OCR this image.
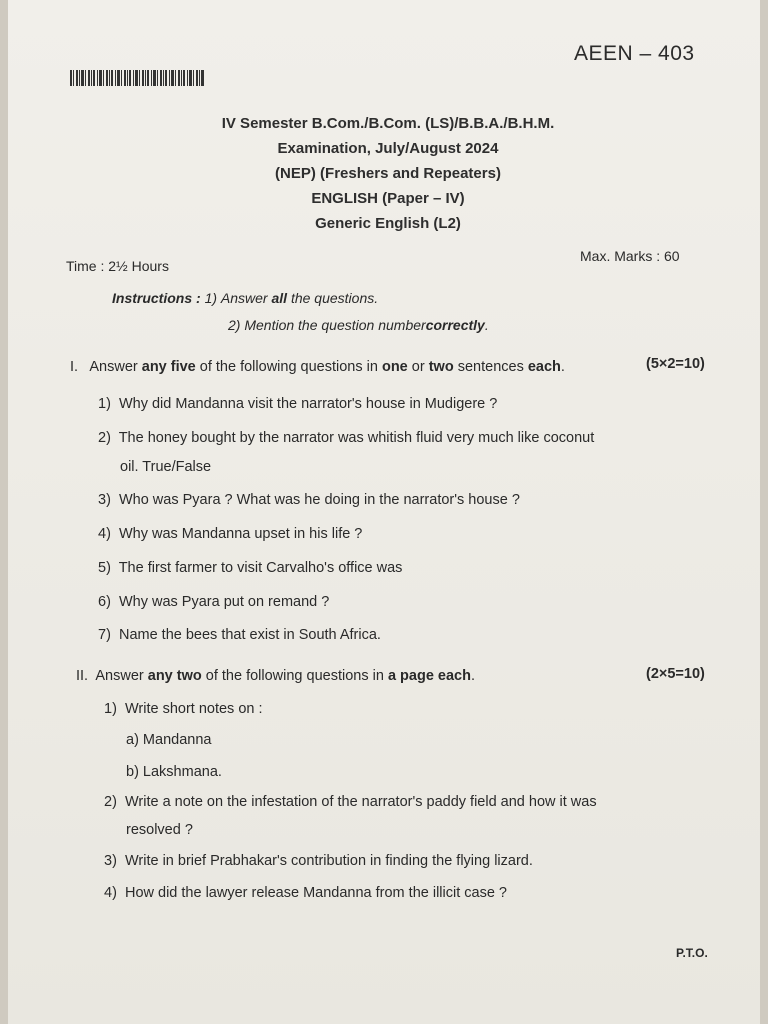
AEEN – 403
IV Semester B.Com./B.Com. (LS)/B.B.A./B.H.M.
Examination, July/August 2024
(NEP) (Freshers and Repeaters)
ENGLISH (Paper – IV)
Generic English (L2)
Time : 2½ Hours
Max. Marks : 60
Instructions : 1) Answer all the questions.
2) Mention the question numbercorrectly.
I. Answer any five of the following questions in one or two sentences each.	(5×2=10)
1) Why did Mandanna visit the narrator's house in Mudigere ?
2) The honey bought by the narrator was whitish fluid very much like coconut
oil. True/False
3) Who was Pyara ? What was he doing in the narrator's house ?
4) Why was Mandanna upset in his life ?
5) The first farmer to visit Carvalho's office was
6) Why was Pyara put on remand ?
7) Name the bees that exist in South Africa.
II. Answer any two of the following questions in a page each.	(2×5=10)
1) Write short notes on :
a) Mandanna
b) Lakshmana.
2) Write a note on the infestation of the narrator's paddy field and how it was
resolved ?
3) Write in brief Prabhakar's contribution in finding the flying lizard.
4) How did the lawyer release Mandanna from the illicit case ?
P.T.O.
